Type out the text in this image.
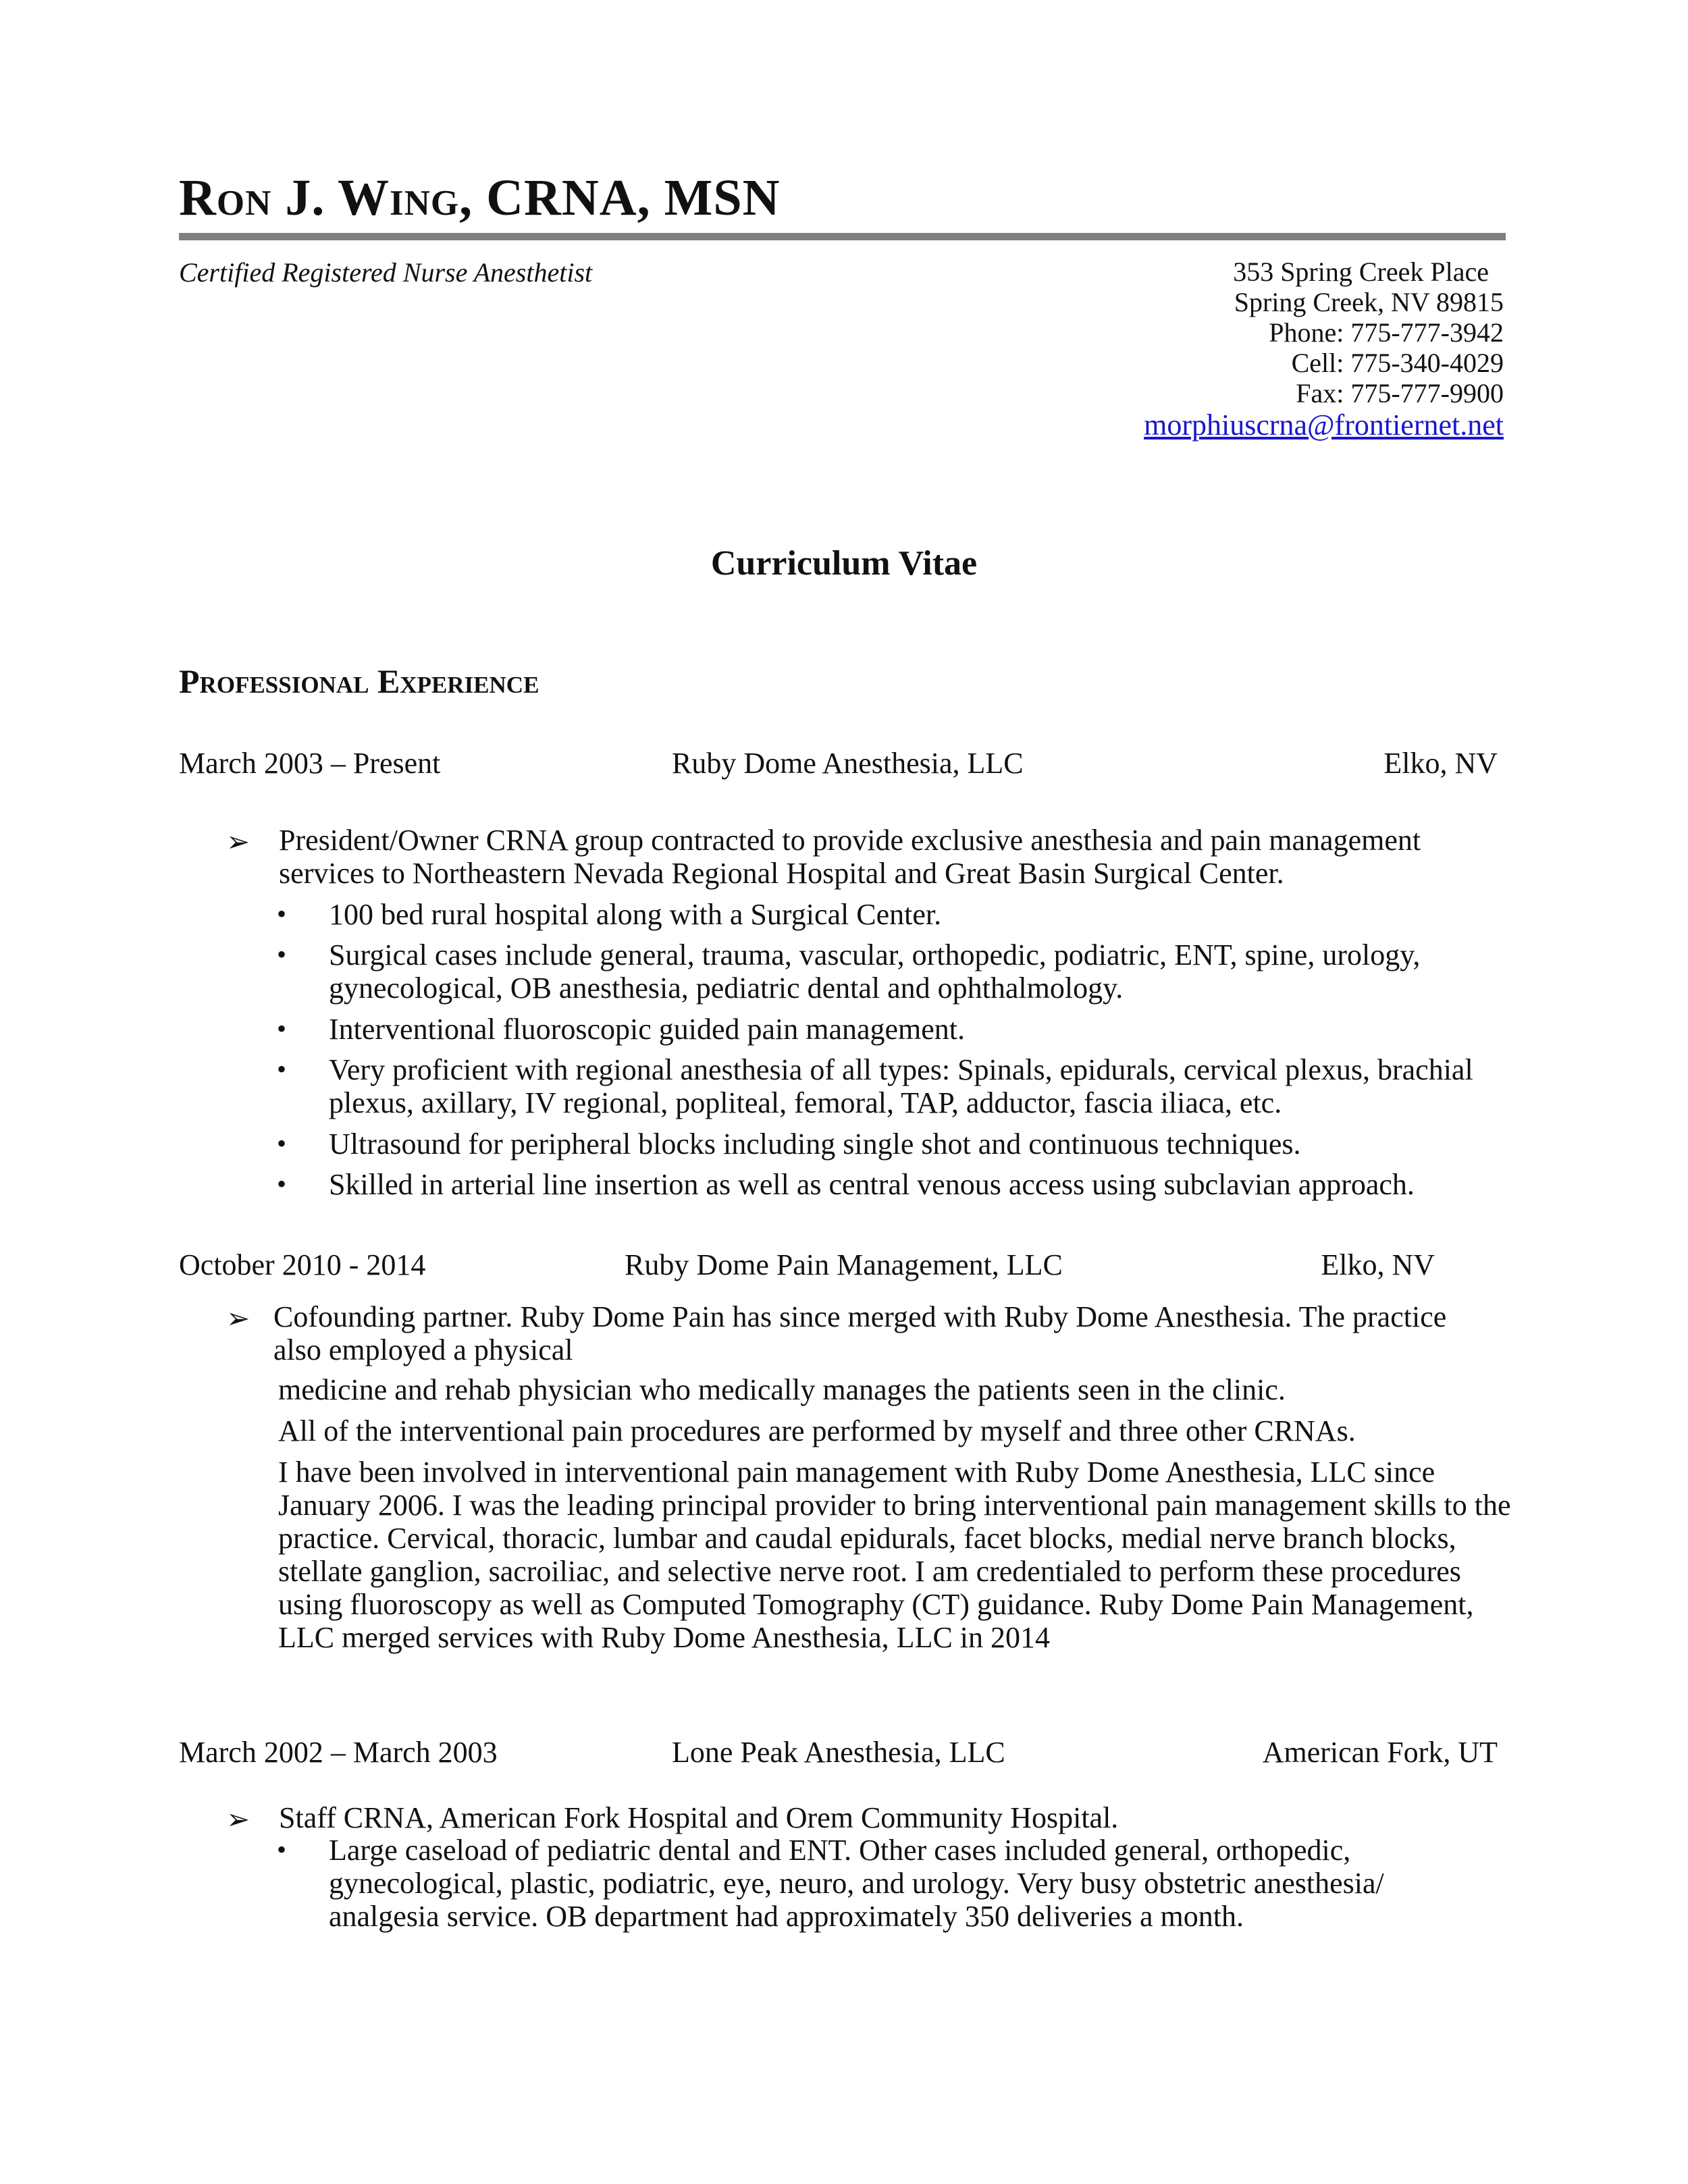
Ron J. Wing, CRNA, MSN
Certified Registered Nurse Anesthetist	353 Spring Creek Place
Spring Creek, NV 89815
Phone: 775-777-3942
Cell: 775-340-4029
Fax: 775-777-9900
morphiuscrna@frontiernet.net
Curriculum Vitae
Professional Experience
March 2003 – Present	Ruby Dome Anesthesia, LLC	Elko, NV
➢ President/Owner CRNA group contracted to provide exclusive anesthesia and pain management services to Northeastern Nevada Regional Hospital and Great Basin Surgical Center.
• 100 bed rural hospital along with a Surgical Center.
• Surgical cases include general, trauma, vascular, orthopedic, podiatric, ENT, spine, urology, gynecological, OB anesthesia, pediatric dental and ophthalmology.
• Interventional fluoroscopic guided pain management.
• Very proficient with regional anesthesia of all types: Spinals, epidurals, cervical plexus, brachial plexus, axillary, IV regional, popliteal, femoral, TAP, adductor, fascia iliaca, etc.
• Ultrasound for peripheral blocks including single shot and continuous techniques.
• Skilled in arterial line insertion as well as central venous access using subclavian approach.
October 2010 - 2014	Ruby Dome Pain Management, LLC	Elko, NV
➢ Cofounding partner. Ruby Dome Pain has since merged with Ruby Dome Anesthesia. The practice also employed a physical
medicine and rehab physician who medically manages the patients seen in the clinic.
All of the interventional pain procedures are performed by myself and three other CRNAs.
I have been involved in interventional pain management with Ruby Dome Anesthesia, LLC since January 2006. I was the leading principal provider to bring interventional pain management skills to the practice. Cervical, thoracic, lumbar and caudal epidurals, facet blocks, medial nerve branch blocks, stellate ganglion, sacroiliac, and selective nerve root. I am credentialed to perform these procedures using fluoroscopy as well as Computed Tomography (CT) guidance. Ruby Dome Pain Management, LLC merged services with Ruby Dome Anesthesia, LLC in 2014
March 2002 – March 2003	Lone Peak Anesthesia, LLC	American Fork, UT
➢ Staff CRNA, American Fork Hospital and Orem Community Hospital.
• Large caseload of pediatric dental and ENT. Other cases included general, orthopedic, gynecological, plastic, podiatric, eye, neuro, and urology. Very busy obstetric anesthesia/ analgesia service. OB department had approximately 350 deliveries a month.
